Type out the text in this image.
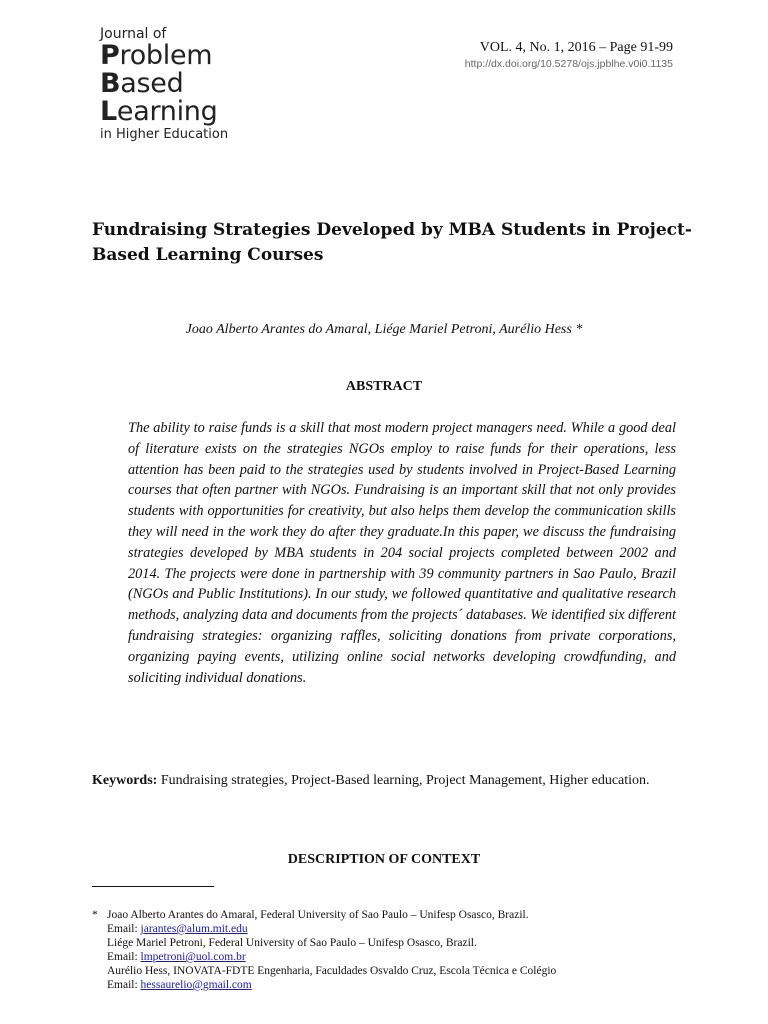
Journal of
Problem
Based
Learning
in Higher Education
VOL. 4, No. 1, 2016 – Page 91-99
http://dx.doi.org/10.5278/ojs.jpblhe.v0i0.1135
Fundraising Strategies Developed by MBA Students in Project-Based Learning Courses
Joao Alberto Arantes do Amaral, Liége Mariel Petroni, Aurélio Hess *
ABSTRACT
The ability to raise funds is a skill that most modern project managers need. While a good deal of literature exists on the strategies NGOs employ to raise funds for their operations, less attention has been paid to the strategies used by students involved in Project-Based Learning courses that often partner with NGOs. Fundraising is an important skill that not only provides students with opportunities for creativity, but also helps them develop the communication skills they will need in the work they do after they graduate.In this paper, we discuss the fundraising strategies developed by MBA students in 204 social projects completed between 2002 and 2014. The projects were done in partnership with 39 community partners in Sao Paulo, Brazil (NGOs and Public Institutions). In our study, we followed quantitative and qualitative research methods, analyzing data and documents from the projects´ databases. We identified six different fundraising strategies: organizing raffles, soliciting donations from private corporations, organizing paying events, utilizing online social networks developing crowdfunding, and soliciting individual donations.
Keywords: Fundraising strategies, Project-Based learning, Project Management, Higher education.
DESCRIPTION OF CONTEXT
* Joao Alberto Arantes do Amaral, Federal University of Sao Paulo – Unifesp Osasco, Brazil.
Email: jarantes@alum.mit.edu
Liége Mariel Petroni, Federal University of Sao Paulo – Unifesp Osasco, Brazil.
Email: lmpetroni@uol.com.br
Aurélio Hess, INOVATA-FDTE Engenharia, Faculdades Osvaldo Cruz, Escola Técnica e Colégio
Email: hessaurelio@gmail.com
